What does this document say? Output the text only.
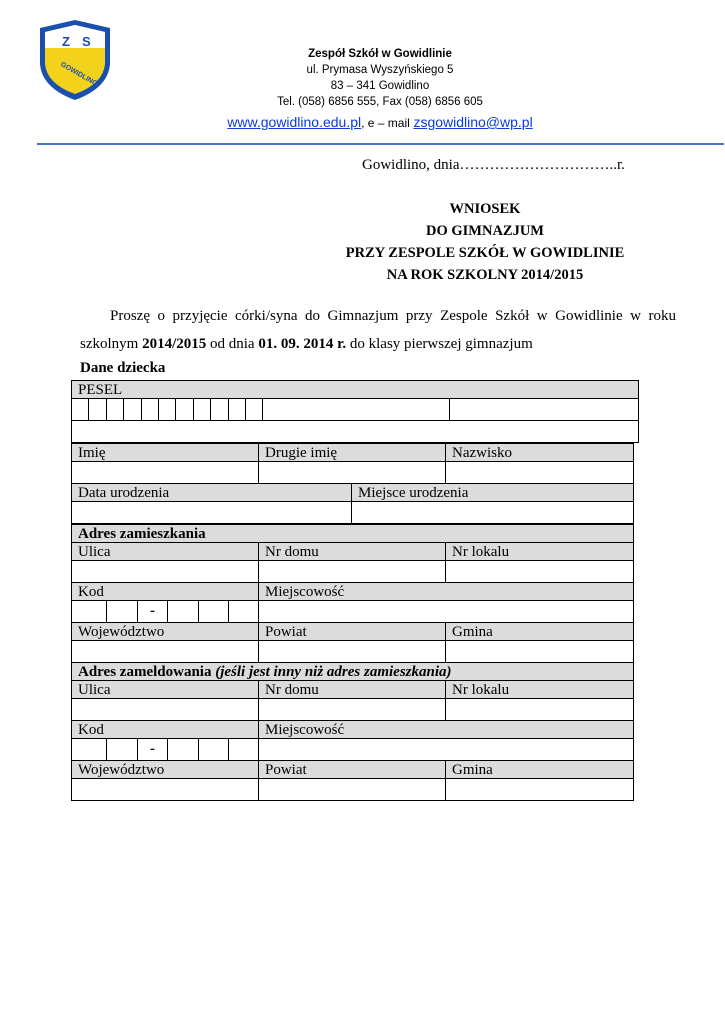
Z S
GOWIDLINO
Zespół Szkół w Gowidlinie
ul. Prymasa Wyszyńskiego 5
83 – 341 Gowidlino
Tel. (058) 6856 555, Fax (058) 6856 605
www.gowidlino.edu.pl, e – mail zsgowidlino@wp.pl
Gowidlino, dnia…………………………..r.
WNIOSEK
DO GIMNAZJUM
PRZY ZESPOLE SZKÓŁ W GOWIDLINIE
NA ROK SZKOLNY 2014/2015
Proszę o przyjęcie córki/syna do Gimnazjum przy Zespole Szkół w Gowidlinie w roku
szkolnym 2014/2015 od dnia 01. 09. 2014 r. do klasy pierwszej gimnazjum
Dane dziecka
PESEL

Imię	Drugie imię	Nazwisko

Data urodzenia	Miejsce urodzenia

Adres zamieszkania							
Ulica						Nr domu	Nr lokalu

Kod						Miejscowość	
		-					
Województwo						Powiat	Gmina

Adres zameldowania (jeśli jest inny niż adres zamieszkania)							
Ulica						Nr domu	Nr lokalu

Kod						Miejscowość	
		-					
Województwo						Powiat	Gmina
